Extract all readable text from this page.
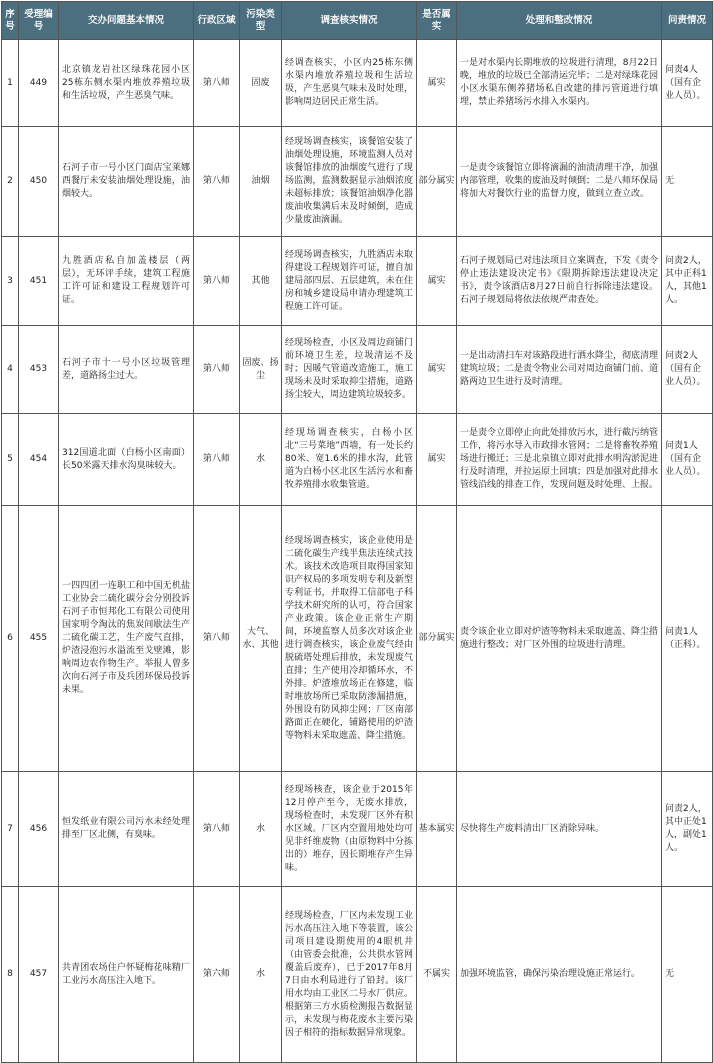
序号	受理编号	交办问题基本情况	行政区域	污染类型	调查核实情况	是否属实	处理和整改情况	问责情况
1	449	北京镇龙岩社区绿珠花园小区25栋东侧水渠内堆放养殖垃圾和生活垃圾，产生恶臭气味。	第八师	固废	经调查核实，小区内25栋东侧水渠内堆放养殖垃圾和生活垃圾，产生恶臭气味未及时处理，影响周边居民正常生活。	属实	一是对水渠内长期堆放的垃圾进行清理，8月22日晚，堆放的垃圾已全部清运完毕；二是对绿珠花园小区水渠东侧养猪场私自改建的排污管道进行填埋，禁止养猪场污水排入水渠内。	问责4人（国有企业人员）。
2	450	石河子市一号小区门面店宝莱娜西餐厅未安装油烟处理设施，油烟较大。	第八师	油烟	经现场调查核实，该餐馆安装了油烟处理设施，环境监测人员对该餐馆排放的油烟废气进行了现场监测，监测数据显示油烟浓度未超标排放；该餐馆油烟净化器废油收集满后未及时倾倒，造成少量废油滴漏。	部分属实	一是责令该餐馆立即将滴漏的油渍清理干净，加强内部管理，收集的废油及时倾倒；二是八师环保局将加大对餐饮行业的监督力度，做到立查立改。	无
3	451	九胜酒店私自加盖楼层（两层），无环评手续，建筑工程施工许可证和建设工程规划许可证。	第八师	其他	经现场调查核实，九胜酒店未取得建设工程规划许可证，擅自加建局部四层、五层建筑，未在住房和城乡建设局申请办理建筑工程施工许可证。	属实	石河子规划局已对违法项目立案调查，下发《责令停止违法建设决定书》《限期拆除违法建设决定书》，责令该酒店8月27日前自行拆除违法建设。石河子规划局将依法依规严肃查处。	问责2人，其中正科1人，其他1人。
4	453	石河子市十一号小区垃圾管理差，道路扬尘过大。	第八师	固废、扬尘	经现场检查，小区及周边商铺门前环境卫生差，垃圾清运不及时；因暖气管道改造施工，施工现场未及时采取抑尘措施，道路扬尘较大，周边建筑垃圾较多。	属实	一是出动清扫车对该路段进行洒水降尘，彻底清理建筑垃圾；二是责令物业公司对周边商铺门前、道路两边卫生进行及时清理。	问责2人（国有企业人员）。
5	454	312国道北面（白杨小区南面）长50米露天排水沟臭味较大。	第八师	水	经现场调查核实，白杨小区北“三号菜地”西墙，有一处长约80米、宽1.6米的排水沟，此管道为白杨小区北区生活污水和畜牧养殖排水收集管道。	属实	一是责令立即停止向此处排放污水，进行截污纳管工作，将污水导入市政排水管网；二是将畜牧养殖场进行搬迁；三是北泉镇立即对此排水明沟淤泥进行及时清理，并拉运原土回填；四是加强对此排水管线沿线的排查工作，发现问题及时处理、上报。	问责1人（国有企业人员）。
6	455	一四四团一连职工和中国无机盐工业协会二硫化碳分会分别投诉石河子市恒邦化工有限公司使用国家明令淘汰的焦炭间歇法生产二硫化碳工艺，生产废气直排，炉渣浸泡污水溢流至戈壁滩，影响周边农作物生产。举报人曾多次向石河子市及兵团环保局投诉未果。	第八师	大气、水、其他	经现场调查核实，该企业使用是二硫化碳生产线半焦法连续式技术。该技术改造项目取得国家知识产权局的多项发明专利及新型专利证书，并取得工信部电子科学技术研究所的认可，符合国家产业政策。该企业正常生产期间，环境监察人员多次对该企业进行调查核实，该企业废气经由脱硫塔处理后排放，未发现废气直排；生产使用冷却循环水，不外排。炉渣堆放场正在修建，临时堆放场所已采取防渗漏措施，外围设有防风抑尘网；厂区南部路面正在硬化，铺路使用的炉渣等物料未采取遮盖、降尘措施。	部分属实	责令该企业立即对炉渣等物料未采取遮盖、降尘措施进行整改；对厂区外围的垃圾进行清理。	问责1人（正科）。
7	456	恒发纸业有限公司污水未经处理排至厂区北侧，有臭味。	第八师	水	经现场核查，该企业于2015年12月停产至今，无废水排放，现场检查时，未发现厂区外有积水区域。厂区内空置用地处均可见非纤维废物（由原物料中分拣出的）堆存，因长期堆存产生异味。	基本属实	尽快将生产废料清出厂区消除异味。	问责2人，其中正处1人，副处1人。
8	457	共青团农场住户怀疑梅花味精厂工业污水高压注入地下。	第六师	水	经现场检查，厂区内未发现工业污水高压注入地下等装置，该公司项目建设期使用的4眼机井（由管委会批准，公共供水管网覆盖后废弃），已于2017年8月7日由水利局进行了铅封。该厂用水均由工业区二号水厂供应。根据第三方水质检测报告数据显示，未发现与梅花废水主要污染因子相符的指标数据异常现象。	不属实	加强环境监管，确保污染治理设施正常运行。	无
